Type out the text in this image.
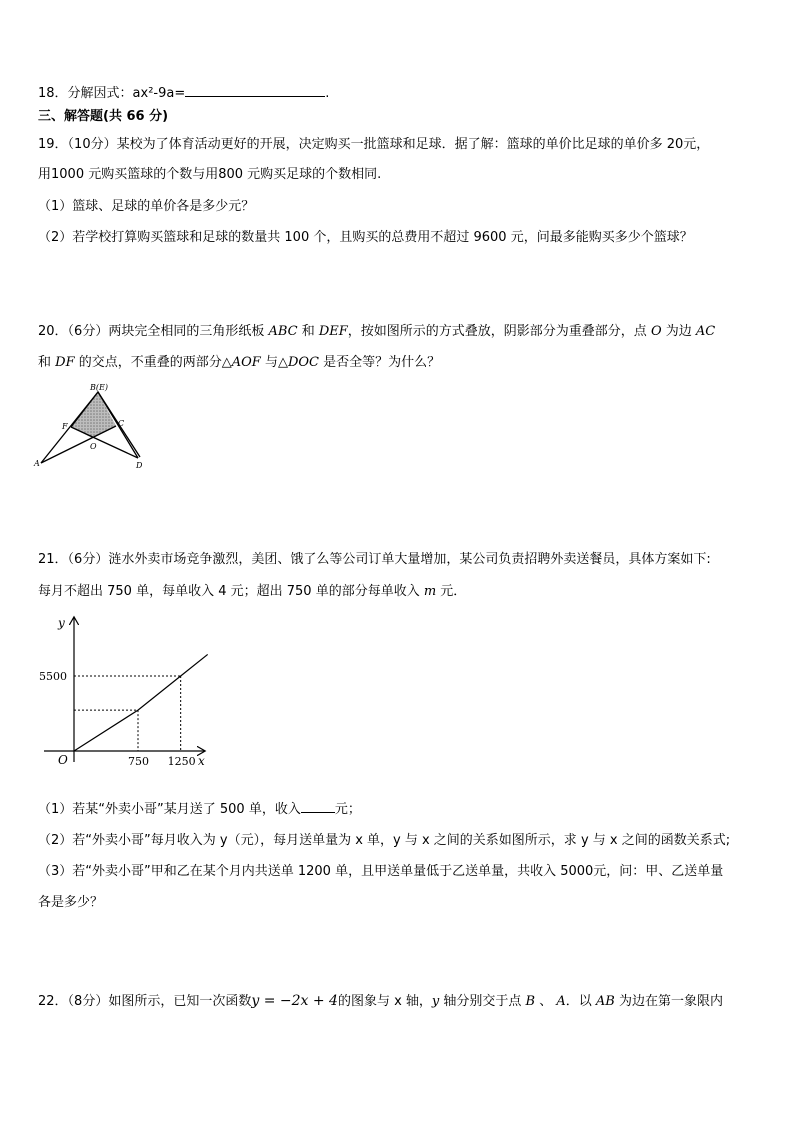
18．分解因式：ax²-9a=	.
三、解答题(共 66 分)
19．（10分）某校为了体育活动更好的开展，决定购买一批篮球和足球．据了解：篮球的单价比足球的单价多 20元，
用1000 元购买篮球的个数与用800 元购买足球的个数相同.
（1）篮球、足球的单价各是多少元？
（2）若学校打算购买篮球和足球的数量共 100 个，且购买的总费用不超过 9600 元，问最多能购买多少个篮球？
20．（6分）两块完全相同的三角形纸板 ABC 和 DEF，按如图所示的方式叠放，阴影部分为重叠部分，点 O 为边 AC
和 DF 的交点，不重叠的两部分△AOF 与△DOC 是否全等？为什么？
B(E)
F	C
O
A	D
21．（6分）涟水外卖市场竞争激烈，美团、饿了么等公司订单大量增加，某公司负责招聘外卖送餐员，具体方案如下:
每月不超出 750 单，每单收入 4 元；超出 750 单的部分每单收入 m 元．
O
y
x
750 1250
5500
（1）若某“外卖小哥”某月送了 500 单，收入	元；
（2）若“外卖小哥”每月收入为 y（元），每月送单量为 x 单，y 与 x 之间的关系如图所示，求 y 与 x 之间的函数关系式;
（3）若“外卖小哥”甲和乙在某个月内共送单 1200 单，且甲送单量低于乙送单量，共收入 5000元，问：甲、乙送单量
各是多少？
22．（8分）如图所示，已知一次函数y = −2x + 4的图象与 x 轴，y 轴分别交于点 B 、 A．以 AB 为边在第一象限内
